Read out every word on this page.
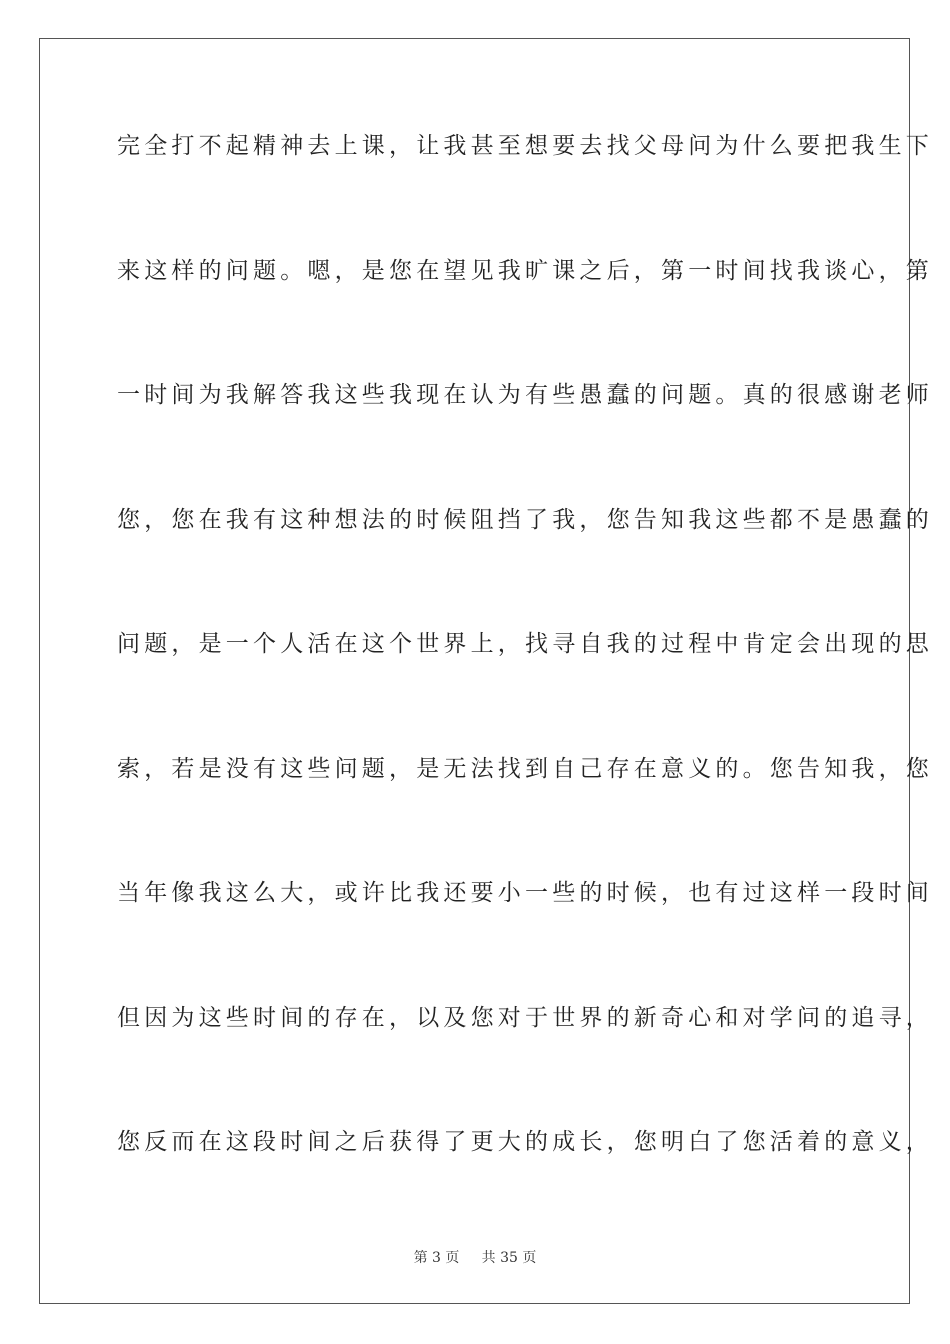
完全打不起精神去上课，让我甚至想要去找父母问为什么要把我生下
来这样的问题。嗯，是您在望见我旷课之后，第一时间找我谈心，第
一时间为我解答我这些我现在认为有些愚蠢的问题。真的很感谢老师
您，您在我有这种想法的时候阻挡了我，您告知我这些都不是愚蠢的
问题，是一个人活在这个世界上，找寻自我的过程中肯定会出现的思
索，若是没有这些问题，是无法找到自己存在意义的。您告知我，您
当年像我这么大，或许比我还要小一些的时候，也有过这样一段时间
但因为这些时间的存在，以及您对于世界的新奇心和对学问的追寻，
您反而在这段时间之后获得了更大的成长，您明白了您活着的意义，
第 3 页 共 35 页
